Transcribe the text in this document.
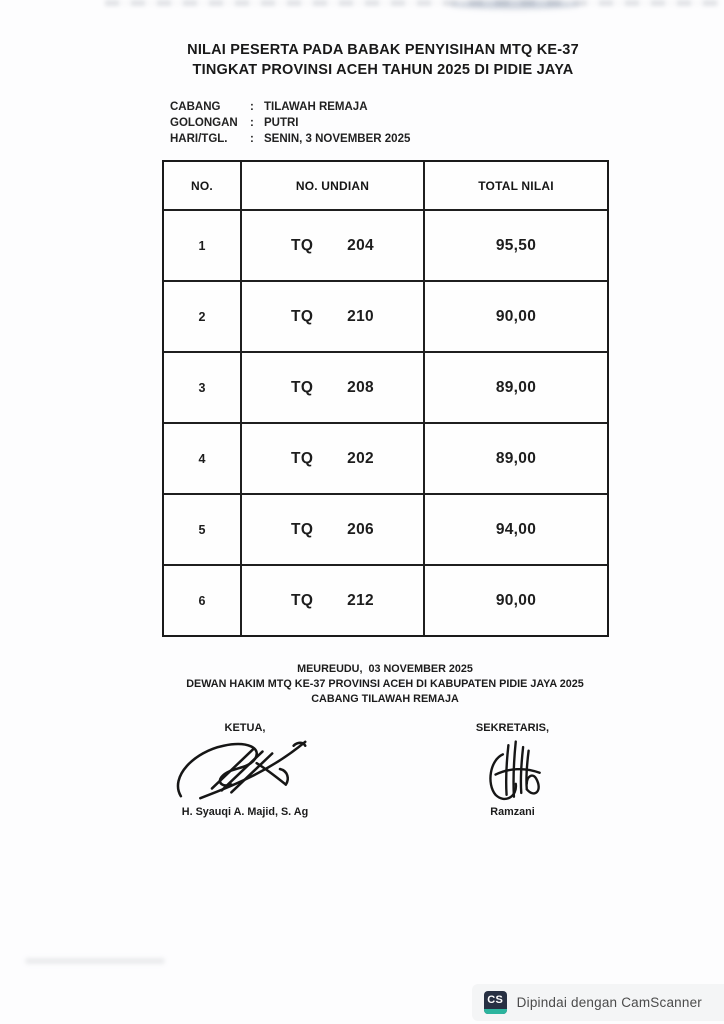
NILAI PESERTA PADA BABAK PENYISIHAN MTQ KE-37
TINGKAT PROVINSI ACEH TAHUN 2025 DI PIDIE JAYA
CABANG	: TILAWAH REMAJA
GOLONGAN	: PUTRI
HARI/TGL.	: SENIN, 3 NOVEMBER 2025
NO.	NO. UNDIAN	TOTAL NILAI
1	TQ 204	95,50
2	TQ 210	90,00
3	TQ 208	89,00
4	TQ 202	89,00
5	TQ 206	94,00
6	TQ 212	90,00
MEUREUDU,  03 NOVEMBER 2025
DEWAN HAKIM MTQ KE-37 PROVINSI ACEH DI KABUPATEN PIDIE JAYA 2025
CABANG TILAWAH REMAJA
KETUA,
H. Syauqi A. Majid, S. Ag
SEKRETARIS,
Ramzani
CS Dipindai dengan CamScanner
